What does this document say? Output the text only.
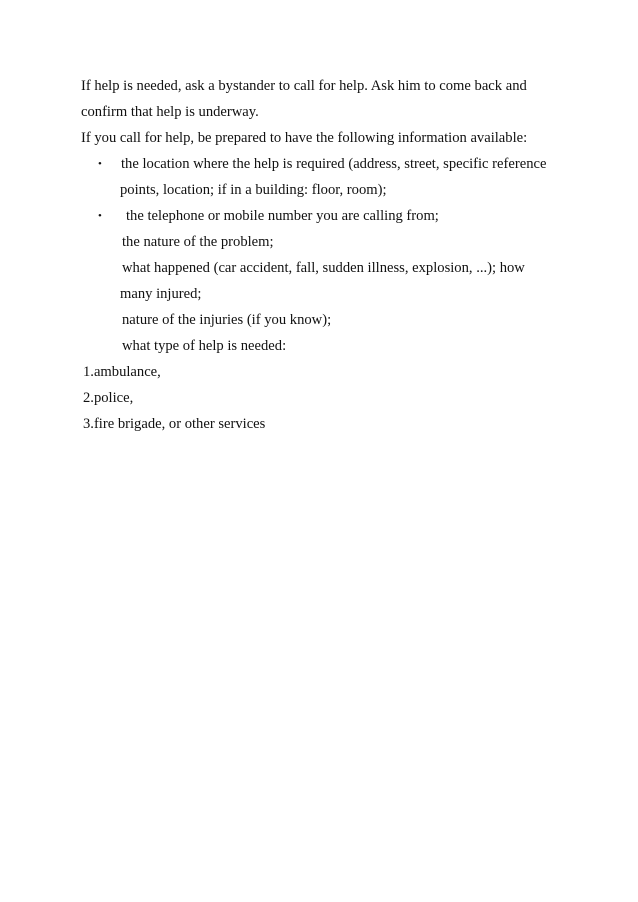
If help is needed, ask a bystander to call for help. Ask him to come back and
confirm that help is underway.
If you call for help, be prepared to have the following information available:
• the location where the help is required (address, street, specific reference
points, location; if in a building: floor, room);
• the telephone or mobile number you are calling from;
the nature of the problem;
what happened (car accident, fall, sudden illness, explosion, ...); how
many injured;
nature of the injuries (if you know);
what type of help is needed:
1.ambulance,
2.police,
3.fire brigade, or other services
